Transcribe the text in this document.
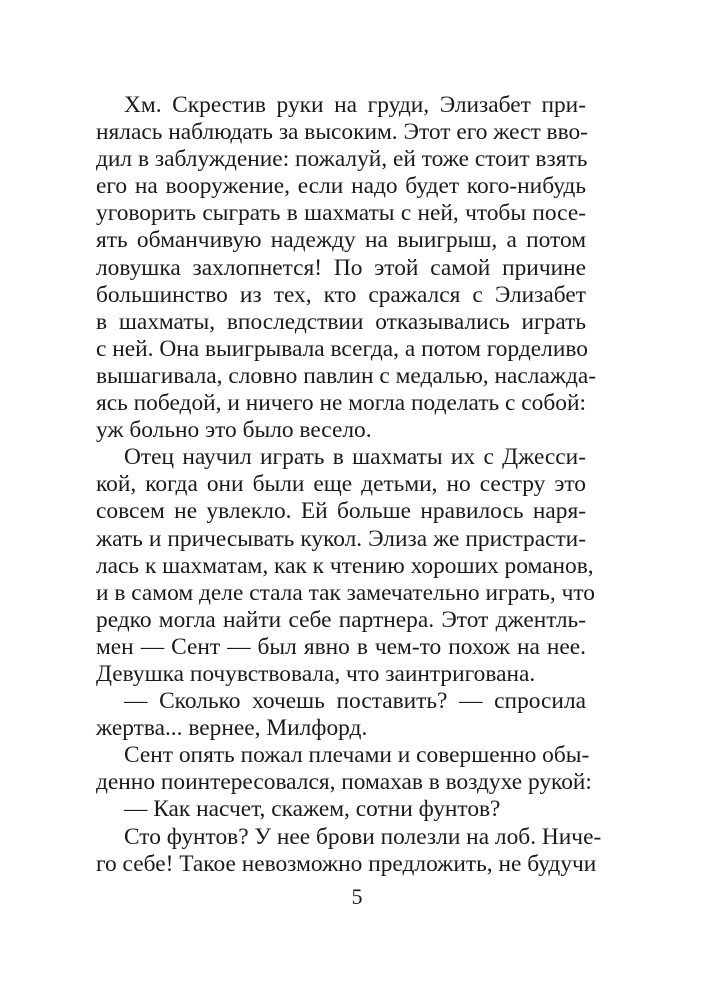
Хм. Скрестив руки на груди, Элизабет при-
нялась наблюдать за высоким. Этот его жест вво-
дил в заблуждение: пожалуй, ей тоже стоит взять
его на вооружение, если надо будет кого-нибудь
уговорить сыграть в шахматы с ней, чтобы посе-
ять обманчивую надежду на выигрыш, а потом
ловушка захлопнется! По этой самой причине
большинство из тех, кто сражался с Элизабет
в шахматы, впоследствии отказывались играть
с ней. Она выигрывала всегда, а потом горделиво
вышагивала, словно павлин с медалью, наслажда-
ясь победой, и ничего не могла поделать с собой:
уж больно это было весело.
Отец научил играть в шахматы их с Джесси-
кой, когда они были еще детьми, но сестру это
совсем не увлекло. Ей больше нравилось наря-
жать и причесывать кукол. Элиза же пристрасти-
лась к шахматам, как к чтению хороших романов,
и в самом деле стала так замечательно играть, что
редко могла найти себе партнера. Этот джентль-
мен — Сент — был явно в чем-то похож на нее.
Девушка почувствовала, что заинтригована.
— Сколько хочешь поставить? — спросила
жертва... вернее, Милфорд.
Сент опять пожал плечами и совершенно обы-
денно поинтересовался, помахав в воздухе рукой:
— Как насчет, скажем, сотни фунтов?
Сто фунтов? У нее брови полезли на лоб. Ниче-
го себе! Такое невозможно предложить, не будучи
5
